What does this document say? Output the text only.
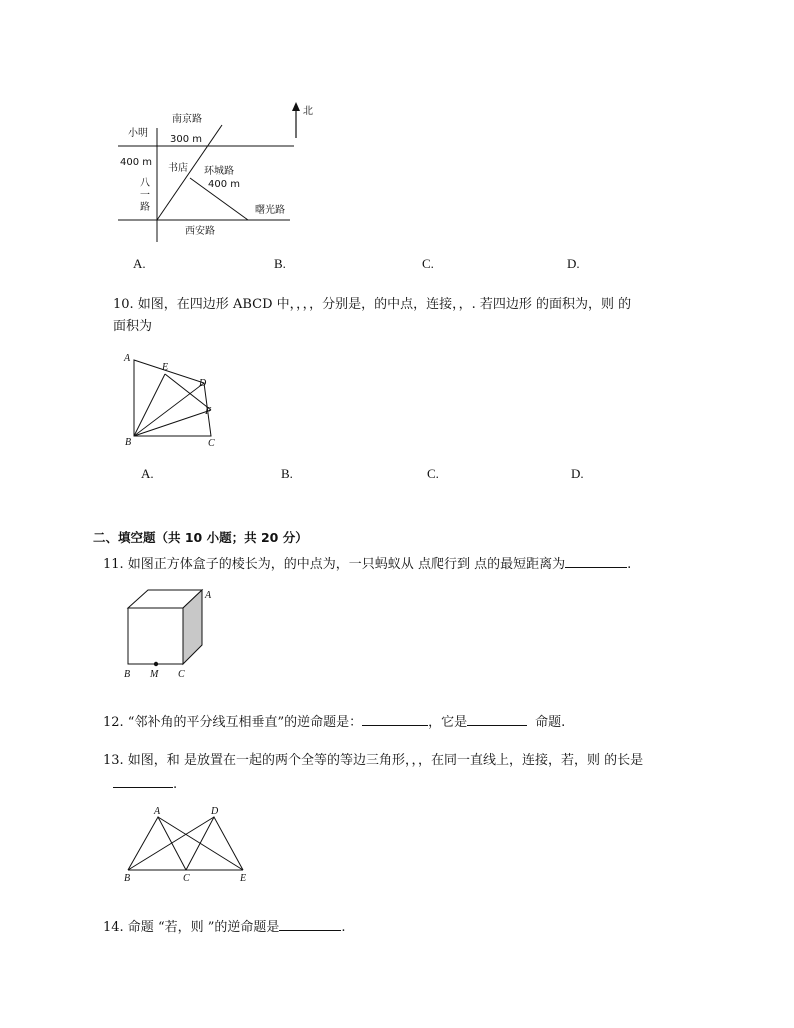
北
南京路
小明
300 m
400 m
书店 环城路
400 m
八
一
路	曙光路
西安路
A.	B.	C.	D.
10. 如图，在四边形 ABCD 中，，，，分别是，的中点，连接，，. 若四边形 的面积为，则 的
面积为
A
E
D
F
B	C
A.	B.	C.	D.
二、填空题（共 10 小题；共 20 分）
11. 如图正方体盒子的棱长为，的中点为，一只蚂蚁从 点爬行到 点的最短距离为	.
A
B M C
12. “邻补角的平分线互相垂直”的逆命题是：	，它是	命题.
13. 如图，和 是放置在一起的两个全等的等边三角形，，，在同一直线上，连接，若，则 的长是
.
A	D
B	C	E
14. 命题 “若，则 ”的逆命题是	.
